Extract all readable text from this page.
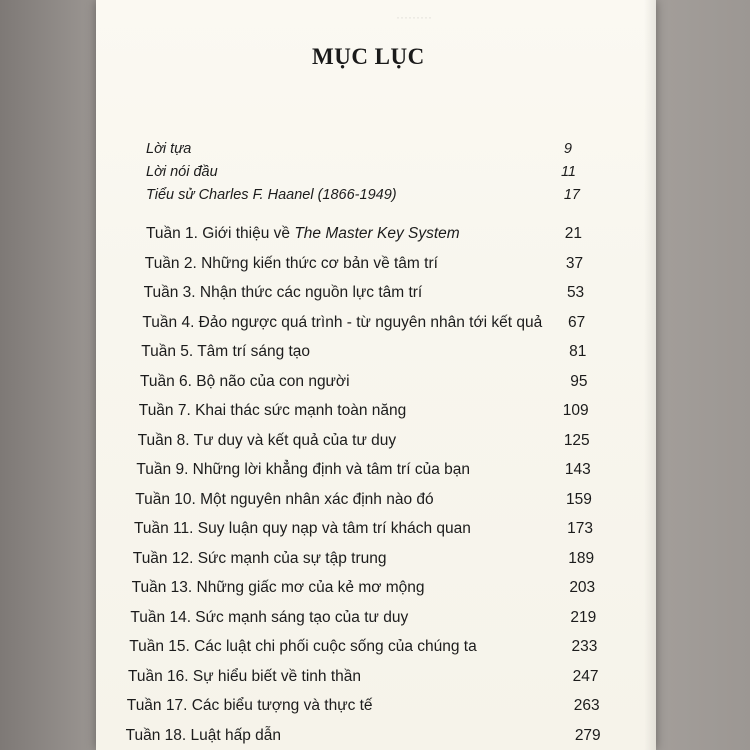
·········
MỤC LỤC
Lời tựa	9
Lời nói đầu	11
Tiểu sử Charles F. Haanel (1866-1949)	17
Tuần 1. Giới thiệu về The Master Key System	21
Tuần 2. Những kiến thức cơ bản về tâm trí	37
Tuần 3. Nhận thức các nguồn lực tâm trí	53
Tuần 4. Đảo ngược quá trình - từ nguyên nhân tới kết quả	67
Tuần 5. Tâm trí sáng tạo	81
Tuần 6. Bộ não của con người	95
Tuần 7. Khai thác sức mạnh toàn năng	109
Tuần 8. Tư duy và kết quả của tư duy	125
Tuần 9. Những lời khẳng định và tâm trí của bạn	143
Tuần 10. Một nguyên nhân xác định nào đó	159
Tuần 11. Suy luận quy nạp và tâm trí khách quan	173
Tuần 12. Sức mạnh của sự tập trung	189
Tuần 13. Những giấc mơ của kẻ mơ mộng	203
Tuần 14. Sức mạnh sáng tạo của tư duy	219
Tuần 15. Các luật chi phối cuộc sống của chúng ta	233
Tuần 16. Sự hiểu biết về tinh thần	247
Tuần 17. Các biểu tượng và thực tế	263
Tuần 18. Luật hấp dẫn	279
